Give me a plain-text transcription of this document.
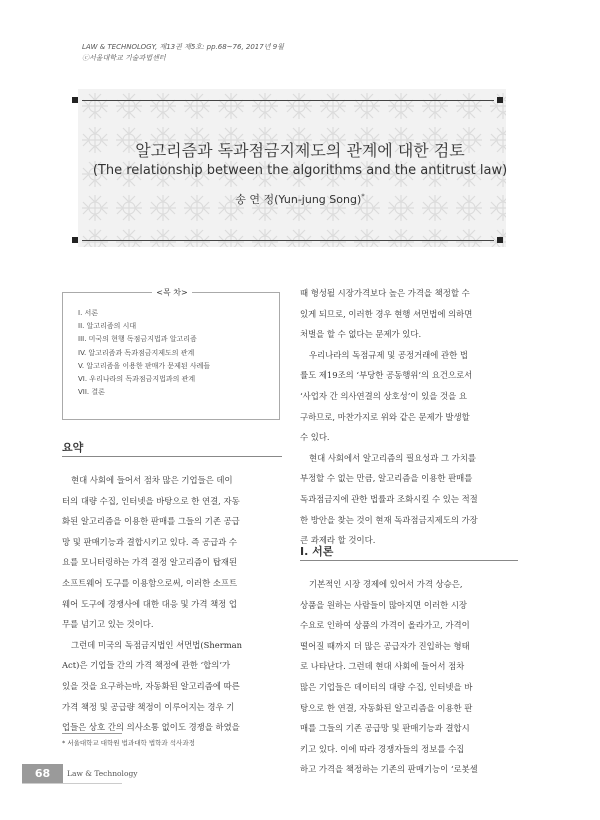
LAW & TECHNOLOGY, 제13권 제5호: pp.68~76, 2017년 9월
ⓒ서울대학교 기술과법센터
알고리즘과 독과점금지제도의 관계에 대한 검토
(The relationship between the algorithms and the antitrust law)
송 연 정(Yun-jung Song)*
<목 차>
I. 서론
II. 알고리즘의 시대
III. 미국의 현행 독점금지법과 알고리즘
IV. 알고리즘과 독과점금지제도의 관계
V. 알고리즘을 이용한 판매가 문제된 사례들
VI. 우리나라의 독과점금지법과의 관계
VII. 결론
요약
현대 사회에 들어서 점차 많은 기업들은 데이
터의 대량 수집, 인터넷을 바탕으로 한 연결, 자동
화된 알고리즘을 이용한 판매를 그들의 기존 공급
망 및 판매기능과 결합시키고 있다. 즉 공급과 수
요를 모니터링하는 가격 결정 알고리즘이 탑재된
소프트웨어 도구를 이용함으로써, 이러한 소프트
웨어 도구에 경쟁사에 대한 대응 및 가격 책정 업
무를 넘기고 있는 것이다.
그런데 미국의 독점금지법인 셔먼법(Sherman
Act)은 기업들 간의 가격 책정에 관한 ‘합의’가
있을 것을 요구하는바, 자동화된 알고리즘에 따른
가격 책정 및 공급량 책정이 이루어지는 경우 기
업들은 상호 간의 의사소통 없이도 경쟁을 하였을
때 형성될 시장가격보다 높은 가격을 책정할 수
있게 되므로, 이러한 경우 현행 셔먼법에 의하면
처벌을 할 수 없다는 문제가 있다.
우리나라의 독점규제 및 공정거래에 관한 법
률도 제19조의 ‘부당한 공동행위’의 요건으로서
‘사업자 간 의사연결의 상호성’이 있을 것을 요
구하므로, 마찬가지로 위와 같은 문제가 발생할
수 있다.
현대 사회에서 알고리즘의 필요성과 그 가치를
부정할 수 없는 만큼, 알고리즘을 이용한 판매를
독과점금지에 관한 법률과 조화시킬 수 있는 적절
한 방안을 찾는 것이 현재 독과점금지제도의 가장
큰 과제라 할 것이다.
I. 서론
기본적인 시장 경제에 있어서 가격 상승은,
상품을 원하는 사람들이 많아지면 이러한 시장
수요로 인하여 상품의 가격이 올라가고, 가격이
떨어질 때까지 더 많은 공급자가 진입하는 형태
로 나타난다. 그런데 현대 사회에 들어서 점차
많은 기업들은 데이터의 대량 수집, 인터넷을 바
탕으로 한 연결, 자동화된 알고리즘을 이용한 판
매를 그들의 기존 공급망 및 판매기능과 결합시
키고 있다. 이에 따라 경쟁자들의 정보를 수집
하고 가격을 책정하는 기존의 판매기능이 ‘로봇셀
* 서울대학교 대학원 법과대학 법학과 석사과정
68	Law & Technology
